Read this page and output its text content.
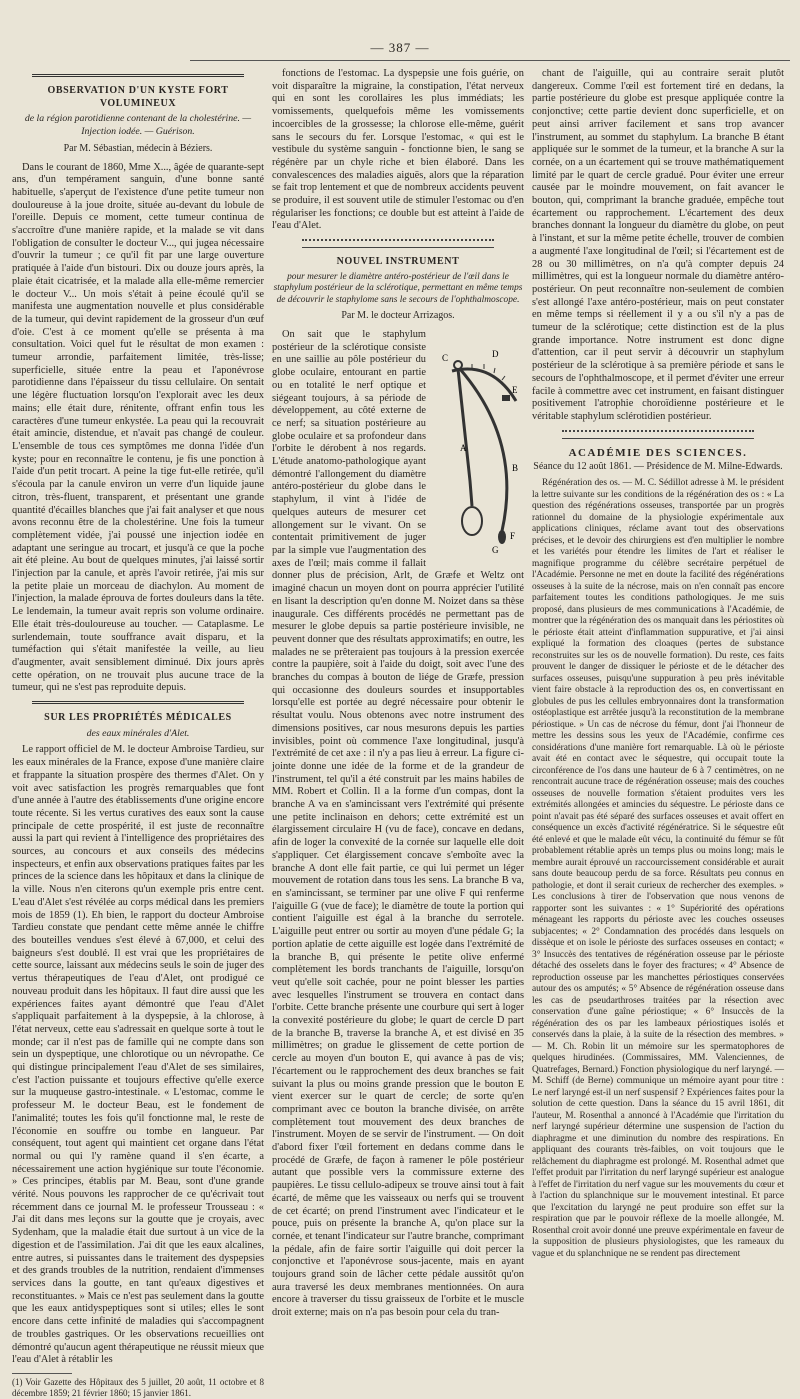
— 387 —
OBSERVATION D'UN KYSTE FORT VOLUMINEUX
de la région parotidienne contenant de la cholestérine. — Injection iodée. — Guérison.
Par M. Sébastian, médecin à Béziers.

Dans le courant de 1860, Mme X..., âgée de quarante-sept ans, d'un tempérament sanguin, d'une bonne santé habituelle, s'aperçut de l'existence d'une petite tumeur non douloureuse à la joue droite, située au-devant du lobule de l'oreille. Depuis ce moment, cette tumeur continua de s'accroître d'une manière rapide, et la malade se vit dans l'obligation de consulter le docteur V..., qui jugea nécessaire d'ouvrir la tumeur ; ce qu'il fit par une large ouverture pratiquée à l'aide d'un bistouri. Dix ou douze jours après, la plaie était cicatrisée, et la malade alla elle-même remercier le docteur V... Un mois s'était à peine écoulé qu'il se manifesta une augmentation nouvelle et plus considérable de la tumeur, qui devint rapidement de la grosseur d'un œuf d'oie. C'est à ce moment qu'elle se présenta à ma consultation. Voici quel fut le résultat de mon examen : tumeur arrondie, parfaitement limitée, très-lisse; superficielle, située entre la peau et l'aponévrose parotidienne dans l'épaisseur du tissu cellulaire. On sentait une légère fluctuation lorsqu'on l'explorait avec les deux mains; elle était dure, rénitente, offrant enfin tous les caractères d'une tumeur enkystée. La peau qui la recouvrait était amincie, distendue, et n'avait pas changé de couleur. L'ensemble de tous ces symptômes me donna l'idée d'un kyste; pour en reconnaître le contenu, je fis une ponction à l'aide d'un petit trocart. A peine la tige fut-elle retirée, qu'il s'écoula par la canule environ un verre d'un liquide jaune citron, très-fluent, transparent, et présentant une grande quantité d'écailles blanches que j'ai fait analyser et que nous avons reconnu être de la cholestérine. Une fois la tumeur complètement vidée, j'ai poussé une injection iodée en adaptant une seringue au trocart, et jusqu'à ce que la poche ait été pleine. Au bout de quelques minutes, j'ai laissé sortir l'injection par la canule, et après l'avoir retirée, j'ai mis sur la petite plaie un morceau de diachylon. Au moment de l'injection, la malade éprouva de fortes douleurs dans la tête. Le lendemain, la tumeur avait repris son volume ordinaire. Elle était très-douloureuse au toucher. — Cataplasme. Le surlendemain, toute souffrance avait disparu, et la tuméfaction qui s'était manifestée la veille, au lieu d'augmenter, avait sensiblement diminué. Dix jours après cette opération, on ne trouvait plus aucune trace de la tumeur, qui ne s'est pas reproduite depuis.

SUR LES PROPRIÉTÉS MÉDICALES
des eaux minérales d'Alet.

Le rapport officiel de M. le docteur Ambroise Tardieu, sur les eaux minérales de la France, expose d'une manière claire et frappante la situation prospère des thermes d'Alet. On y voit avec satisfaction les progrès remarquables que font d'une année à l'autre des établissements d'une origine encore toute récente. Si les vertus curatives des eaux sont la cause principale de cette prospérité, il est juste de reconnaître aussi la part qui revient à l'intelligence des propriétaires des sources, au concours et aux conseils des médecins inspecteurs, et enfin aux observations pratiques faites par les princes de la science dans les hôpitaux et dans la clinique de la ville. Nous n'en citerons qu'un exemple pris entre cent. L'eau d'Alet s'est révélée au corps médical dans les premiers mois de 1859 (1). Eh bien, le rapport du docteur Ambroise Tardieu constate que pendant cette même année le chiffre des bouteilles vendues s'est élevé à 67,000, et celui des baigneurs s'est doublé. Il est vrai que les propriétaires de cette source, laissant aux médecins seuls le soin de juger des vertus thérapeutiques de l'eau d'Alet, ont prodigué ce nouveau produit dans les hôpitaux. Il faut dire aussi que les expériences faites ayant démontré que l'eau d'Alet s'appliquait parfaitement à la dyspepsie, à la chlorose, à l'état nerveux, cette eau s'adressait en quelque sorte à tout le monde; car il n'est pas de famille qui ne compte dans son sein un dyspeptique, une chlorotique ou un névropathe. Ce qui distingue principalement l'eau d'Alet de ses similaires, c'est l'action puissante et toujours effective qu'elle exerce sur la muqueuse gastro-intestinale. « L'estomac, comme le professeur M. le docteur Beau, est le fondement de l'animalité; toutes les fois qu'il fonctionne mal, le reste de l'économie en souffre ou tombe en langueur. Par conséquent, tout agent qui maintient cet organe dans l'état normal ou qui l'y ramène quand il s'en écarte, a nécessairement une action hygiénique sur toute l'économie. » Ces principes, établis par M. Beau, sont d'une grande vérité. Nous pouvons les rapprocher de ce qu'écrivait tout récemment dans ce journal M. le professeur Trousseau : « J'ai dit dans mes leçons sur la goutte que je croyais, avec Sydenham, que la maladie était due surtout à un vice de la digestion et de l'assimilation. J'ai dit que les eaux alcalines, entre autres, si puissantes dans le traitement des dyspepsies et des grands troubles de la nutrition, rendaient d'immenses services dans la goutte, en tant qu'eaux digestives et reconstituantes. » Mais ce n'est pas seulement dans la goutte que les eaux antidyspeptiques sont si utiles; elles le sont encore dans cette infinité de maladies qui s'accompagnent de troubles gastriques. Or les observations recueillies ont démontré qu'aucun agent thérapeutique ne réussit mieux que l'eau d'Alet à rétablir les

(1) Voir Gazette des Hôpitaux des 5 juillet, 20 août, 11 octobre et 8 décembre 1859; 21 février 1860; 15 janvier 1861.

fonctions de l'estomac. La dyspepsie une fois guérie, on voit disparaître la migraine, la constipation, l'état nerveux qui en sont les corollaires les plus immédiats; les vomissements, quelquefois même les vomissements incoercibles de la grossesse; la chlorose elle-même, guérit sans le secours du fer. Lorsque l'estomac, « qui est le vestibule du système sanguin - fonctionne bien, le sang se régénère par un chyle riche et bien élaboré. Dans les convalescences des maladies aiguës, alors que la réparation se fait trop lentement et que de nombreux accidents peuvent se produire, il est souvent utile de stimuler l'estomac ou d'en régulariser les fonctions; ce double but est atteint à l'aide de l'eau d'Alet.

NOUVEL INSTRUMENT
pour mesurer le diamètre antéro-postérieur de l'œil dans le staphylum postérieur de la sclérotique, permettant en même temps de découvrir le staphylome sans le secours de l'ophthalmoscope.
Par M. le docteur Arrizagos.
C	D
E
A
B
F
G

On sait que le staphylum postérieur de la sclérotique consiste en une saillie au pôle postérieur du globe oculaire, entourant en partie ou en totalité le nerf optique et siégeant toujours, à sa période de développement, au côté externe de ce nerf; sa situation postérieure au globe oculaire et sa profondeur dans l'orbite le dérobent à nos regards. L'étude anatomo-pathologique ayant démontré l'allongement du diamètre antéro-postérieur du globe dans le staphylum, il vint à l'idée de quelques auteurs de mesurer cet allongement sur le vivant. On se contentait primitivement de juger par la simple vue l'augmentation des axes de l'œil; mais comme il fallait donner plus de précision, Arlt, de Græfe et Weltz ont imaginé chacun un moyen dont on pourra apprécier l'utilité en lisant la description qu'en donne M. Noizet dans sa thèse inaugurale. Ces différents procédés ne permettant pas de mesurer le globe depuis sa partie postérieure invisible, ne peuvent donner que des résultats approximatifs; en outre, les malades ne se prêteraient pas toujours à la pression exercée contre la paupière, soit à l'aide du doigt, soit avec l'une des branches du compas à bouton de liége de Græfe, pression qui occasionne des douleurs sourdes et insupportables lorsqu'elle est portée au degré nécessaire pour obtenir le résultat voulu. Nous obtenons avec notre instrument des dimensions positives, car nous mesurons depuis les parties invisibles, point où commence l'axe longitudinal, jusqu'à l'extrémité de cet axe : il n'y a pas lieu à erreur. La figure ci-jointe donne une idée de la forme et de la grandeur de l'instrument, tel qu'il a été construit par les mains habiles de MM. Robert et Collin. Il a la forme d'un compas, dont la branche A va en s'amincissant vers l'extrémité qui présente une petite inclinaison en dehors; cette extrémité est un élargissement circulaire H (vu de face), concave en dedans, afin de loger la convexité de la cornée sur laquelle elle doit s'appliquer. Cet élargissement concave s'emboîte avec la branche A dont elle fait partie, ce qui lui permet un léger mouvement de rotation dans tous les sens. La branche B va, en s'amincissant, se terminer par une olive F qui renferme l'aiguille G (vue de face); le diamètre de toute la portion qui contient l'aiguille est égal à la branche du serrotele. L'aiguille peut entrer ou sortir au moyen d'une pédale G; la portion aplatie de cette aiguille est logée dans l'extrémité de la branche B, qui présente le petite olive enfermé complètement les bords tranchants de l'aiguille, lorsqu'on veut qu'elle soit cachée, pour ne point blesser les parties avec lesquelles l'instrument se trouvera en contact dans l'orbite. Cette branche présente une courbure qui sert à loger la convexité postérieure du globe; le quart de cercle D part de la branche B, traverse la branche A, et est divisé en 35 millimètres; on gradue le glissement de cette portion de cercle au moyen d'un bouton E, qui avance à pas de vis; l'écartement ou le rapprochement des deux branches se fait suivant la plus ou moins grande pression que le bouton E vient exercer sur le quart de cercle; de sorte qu'en comprimant avec ce bouton la branche divisée, on arrête complètement tout mouvement des deux branches de l'instrument. Moyen de se servir de l'instrument. — On doit d'abord fixer l'œil fortement en dedans comme dans le procédé de Græfe, de façon à ramener le pôle postérieur autant que possible vers la commissure externe des paupières. Le tissu cellulo-adipeux se trouve ainsi tout à fait écarté, de même que les vaisseaux ou nerfs qui se trouvent de cet écarté; on prend l'instrument avec l'indicateur et le pouce, puis on présente la branche A, qu'on place sur la cornée, et tenant l'indicateur sur l'autre branche, comprimant la pédale, afin de faire sortir l'aiguille qui doit percer la conjonctive et l'aponévrose sous-jacente, mais en ayant toujours grand soin de lâcher cette pédale aussitôt qu'on aura traversé les deux membranes mentionnées. On aura encore à traverser du tissu graisseux de l'orbite et le muscle droit externe; mais on n'a pas besoin pour cela du tran-

chant de l'aiguille, qui au contraire serait plutôt dangereux. Comme l'œil est fortement tiré en dedans, la partie postérieure du globe est presque appliquée contre la conjonctive; cette partie devient donc superficielle, et on peut ainsi arriver facilement et sans trop avancer l'instrument, au sommet du staphylum. La branche B étant appliquée sur le sommet de la tumeur, et la branche A sur la cornée, on a un écartement qui se trouve mathématiquement limité par le quart de cercle gradué. Pour éviter une erreur causée par le moindre mouvement, on fait avancer le bouton, qui, comprimant la branche graduée, empêche tout écartement ou rapprochement. L'écartement des deux branches donnant la longueur du diamètre du globe, on peut à l'instant, et sur la même petite échelle, trouver de combien a augmenté l'axe longitudinal de l'œil; si l'écartement est de 28 ou 30 millimètres, on n'a qu'à compter depuis 24 millimètres, qui est la longueur normale du diamètre antéro-postérieur. On peut reconnaître non-seulement de combien s'est allongé l'axe antéro-postérieur, mais on peut constater en même temps si réellement il y a ou s'il n'y a pas de tumeur de la sclérotique; cette distinction est de la plus grande importance. Notre instrument est donc digne d'attention, car il peut servir à découvrir un staphylum postérieur de la sclérotique à sa première période et sans le secours de l'ophthalmoscope, et il permet d'éviter une erreur facile à commettre avec cet instrument, en faisant distinguer positivement l'atrophie choroïdienne postérieure et le véritable staphylum sclérotidien postérieur.

ACADÉMIE DES SCIENCES.
Séance du 12 août 1861. — Présidence de M. Milne-Edwards.

Régénération des os. — M. C. Sédillot adresse à M. le président la lettre suivante sur les conditions de la régénération des os : « La question des régénérations osseuses, transportée par un progrès rationnel du domaine de la physiologie expérimentale aux applications cliniques, réclame avant tout des observations précises, et le devoir des chirurgiens est d'en multiplier le nombre et les variétés pour étendre les limites de l'art et réaliser le magnifique programme du célèbre secrétaire perpétuel de l'Académie. Personne ne met en doute la facilité des régénérations osseuses à la suite de la nécrose, mais on n'en connaît pas encore parfaitement toutes les conditions pathologiques. Je me suis proposé, dans plusieurs de mes communications à l'Académie, de montrer que la régénération des os manquait dans les périostites où le périoste était atteint d'inflammation suppurative, et j'ai ainsi expliqué la formation des cloaques (pertes de substance reconstruites sur les os de nouvelle formation). Du reste, ces faits prouvent le danger de dissiquer le périoste et de le détacher des surfaces osseuses, puisqu'une suppuration à peu près inévitable vient faire obstacle à la reproduction des os, en convertissant en globules de pus les cellules embryonnaires dont la transformation ostéoplastique est arrêtée jusqu'à la reconstitution de la membrane périostique. » Un cas de nécrose du fémur, dont j'ai l'honneur de mettre les dessins sous les yeux de l'Académie, confirme ces considérations d'une manière fort remarquable. Là où le périoste avait été en contact avec le séquestre, qui occupait toute la circonférence de l'os dans une hauteur de 6 à 7 centimètres, on ne rencontrait aucune trace de régénération osseuse; mais des couches osseuses de nouvelle formation s'étaient produites vers les extrémités allongées et amincies du séquestre. Le périoste dans ce point n'avait pas été séparé des surfaces osseuses et avait offert en conséquence un excès d'activité régénératrice. Si le séquestre eût été enlevé et que le malade eût vécu, la continuité du fémur se fût probablement rétablie après un temps plus ou moins long; mais le membre aurait éprouvé un raccourcissement considérable et aurait sans doute beaucoup perdu de sa force. Résultats peu connus en pathologie, et dont il serait curieux de rechercher des exemples. » Les conclusions à tirer de l'observation que nous venons de rapporter sont les suivantes : « 1° Supériorité des opérations ménageant les rapports du périoste avec les couches osseuses subjacentes; « 2° Condamnation des procédés dans lesquels on dissèque et on isole le périoste des surfaces osseuses en contact; « 3° Insuccès des tentatives de régénération osseuse par le périoste détaché des osselets dans le foyer des fractures; « 4° Absence de reproduction osseuse par les manchettes périostiques conservées autour des os amputés; « 5° Absence de régénération osseuse dans les cas de pseudarthroses traitées par la résection avec conservation d'une gaîne périostique; « 6° Insuccès de la régénération des os par les lambeaux périostiques isolés et conservés dans la plaie, à la suite de la résection des membres. » — M. Ch. Robin lit un mémoire sur les spermatophores de quelques hirudinées. (Commissaires, MM. Valenciennes, de Quatrefages, Bernard.) Fonction physiologique du nerf laryngé. — M. Schiff (de Berne) communique un mémoire ayant pour titre : Le nerf laryngé est-il un nerf suspensif ? Expériences faites pour la solution de cette question. Dans la séance du 15 avril 1861, dit l'auteur, M. Rosenthal a annoncé à l'Académie que l'irritation du nerf laryngé supérieur détermine une suspension de l'action du diaphragme et une diminution du nombre des respirations. En appliquant des courants très-faibles, on voit toujours que le relâchement du diaphragme est prolongé. M. Rosenthal admet que l'effet produit par l'irritation du nerf laryngé supérieur est analogue à l'effet de l'irritation du nerf vague sur les mouvements du cœur et à l'action du splanchnique sur le mouvement intestinal. Et parce que l'excitation du laryngé ne peut produire son effet sur la respiration que par le pouvoir réflexe de la moelle allongée, M. Rosenthal croit avoir donné une preuve expérimentale en faveur de la supposition de plusieurs physiologistes, que les rameaux du vague et du splanchnique ne se rendent pas directement
